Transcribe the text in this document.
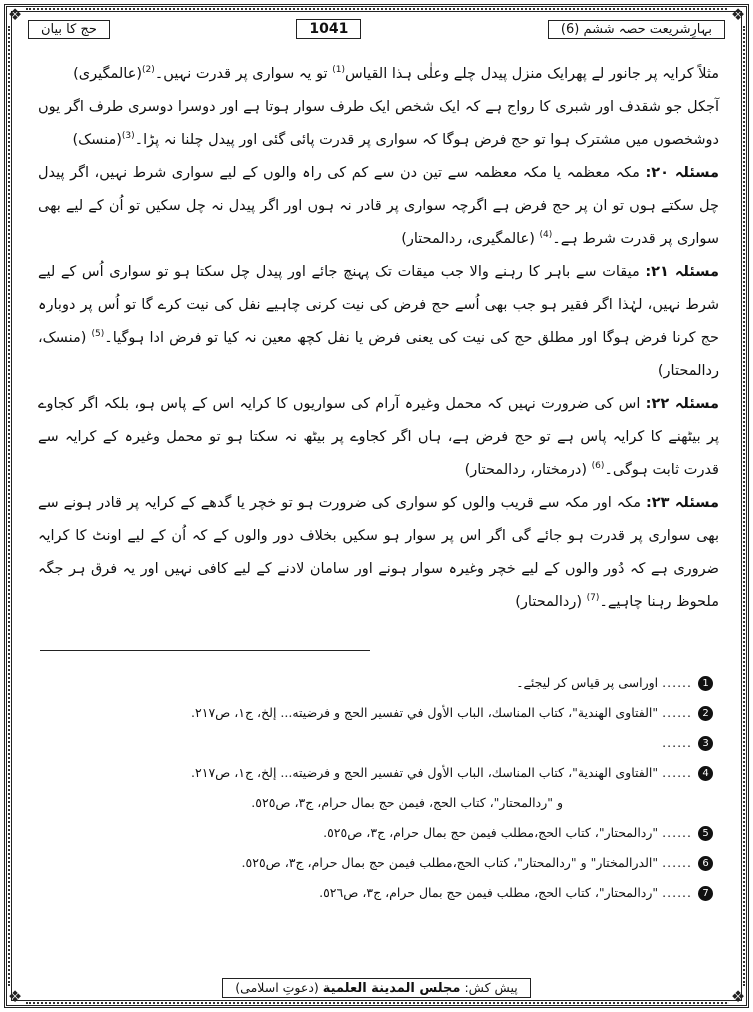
❖	❖
❖	❖
بہارِشریعت حصہ ششم (6)
1041
حج کا بیان

مثلاً کرایہ پر جانور لے پھرایک منزل پیدل چلے وعلٰی ہذا القیاس$^{(1)}$ تو یہ سواری پر قدرت نہیں۔$^{(2)}$(عالمگیری)

آجکل جو شقدف اور شبری کا رواج ہے کہ ایک شخص ایک طرف سوار ہوتا ہے اور دوسرا دوسری طرف اگر یوں دوشخصوں میں مشترک ہوا تو حج فرض ہوگا کہ سواری پر قدرت پائی گئی اور پیدل چلنا نہ پڑا۔$^{(3)}$(منسک)

مسئلہ ۲۰: مکہ معظمہ یا مکہ معظمہ سے تین دن سے کم کی راہ والوں کے لیے سواری شرط نہیں، اگر پیدل چل سکتے ہوں تو ان پر حج فرض ہے اگرچہ سواری پر قادر نہ ہوں اور اگر پیدل نہ چل سکیں تو اُن کے لیے بھی سواری پر قدرت شرط ہے۔$^{(4)}$ (عالمگیری، ردالمحتار)

مسئلہ ۲۱: میقات سے باہر کا رہنے والا جب میقات تک پہنچ جائے اور پیدل چل سکتا ہو تو سواری اُس کے لیے شرط نہیں، لہٰذا اگر فقیر ہو جب بھی اُسے حج فرض کی نیت کرنی چاہیے نفل کی نیت کرے گا تو اُس پر دوبارہ حج کرنا فرض ہوگا اور مطلق حج کی نیت کی یعنی فرض یا نفل کچھ معین نہ کیا تو فرض ادا ہوگیا۔$^{(5)}$ (منسک، ردالمحتار)

مسئلہ ۲۲: اس کی ضرورت نہیں کہ محمل وغیرہ آرام کی سواریوں کا کرایہ اس کے پاس ہو، بلکہ اگر کجاوے پر بیٹھنے کا کرایہ پاس ہے تو حج فرض ہے، ہاں اگر کجاوے پر بیٹھ نہ سکتا ہو تو محمل وغیرہ کے کرایہ سے قدرت ثابت ہوگی۔$^{(6)}$ (درمختار، ردالمحتار)

مسئلہ ۲۳: مکہ اور مکہ سے قریب والوں کو سواری کی ضرورت ہو تو خچر یا گدھے کے کرایہ پر قادر ہونے سے بھی سواری پر قدرت ہو جائے گی اگر اس پر سوار ہو سکیں بخلاف دور والوں کے کہ اُن کے لیے اونٹ کا کرایہ ضروری ہے کہ دُور والوں کے لیے خچر وغیرہ سوار ہونے اور سامان لادنے کے لیے کافی نہیں اور یہ فرق ہر جگہ ملحوظ رہنا چاہیے۔$^{(7)}$ (ردالمحتار)

1
......
اوراسی پر قیاس کر لیجئے۔
2
......
"الفتاوى الهندية"، كتاب المناسك، الباب الأول في تفسير الحج و فرضيته... إلخ، ج١، ص٢١٧.
3
......
4
......
"الفتاوى الهندية"، كتاب المناسك، الباب الأول في تفسير الحج و فرضيته... إلخ، ج١، ص٢١٧.
و "ردالمحتار"، كتاب الحج، فيمن حج بمال حرام، ج٣، ص٥٢٥.
5
......
"ردالمحتار"، كتاب الحج،مطلب فيمن حج بمال حرام، ج٣، ص٥٢٥.
6
......
"الدرالمختار" و "ردالمحتار"، كتاب الحج،مطلب فيمن حج بمال حرام، ج٣، ص٥٢٥.
7
......
"ردالمحتار"، كتاب الحج، مطلب فيمن حج بمال حرام، ج٣، ص٥٢٦.
پیش کش: مجلس المدينة العلمية (دعوتِ اسلامی)
